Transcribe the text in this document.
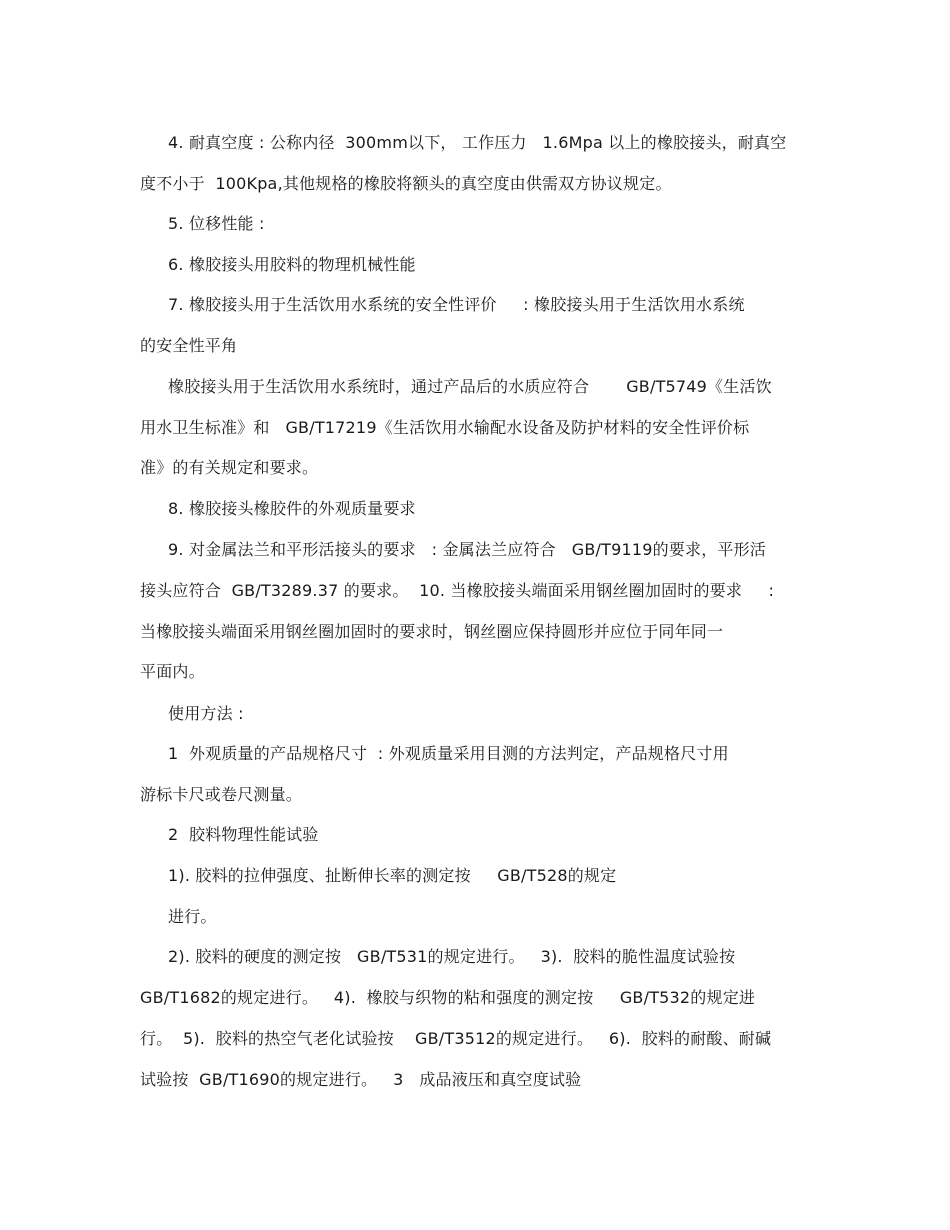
4. 耐真空度 : 公称内径  300mm以下， 工作压力   1.6Mpa 以上的橡胶接头，耐真空
度不小于  100Kpa,其他规格的橡胶将额头的真空度由供需双方协议规定。
5. 位移性能 :
6. 橡胶接头用胶料的物理机械性能
7. 橡胶接头用于生活饮用水系统的安全性评价     : 橡胶接头用于生活饮用水系统
的安全性平角
橡胶接头用于生活饮用水系统时，通过产品后的水质应符合       GB/T5749《生活饮
用水卫生标准》和   GB/T17219《生活饮用水输配水设备及防护材料的安全性评价标
准》的有关规定和要求。
8. 橡胶接头橡胶件的外观质量要求
9. 对金属法兰和平形活接头的要求   : 金属法兰应符合   GB/T9119的要求，平形活
接头应符合  GB/T3289.37 的要求。  10. 当橡胶接头端面采用钢丝圈加固时的要求     :
当橡胶接头端面采用钢丝圈加固时的要求时，钢丝圈应保持圆形并应位于同年同一
平面内。
使用方法 :
1  外观质量的产品规格尺寸  : 外观质量采用目测的方法判定，产品规格尺寸用
游标卡尺或卷尺测量。
2  胶料物理性能试验
1). 胶料的拉伸强度、扯断伸长率的测定按     GB/T528的规定
进行。
2). 胶料的硬度的测定按   GB/T531的规定进行。   3).  胶料的脆性温度试验按
GB/T1682的规定进行。   4).  橡胶与织物的粘和强度的测定按     GB/T532的规定进
行。  5).  胶料的热空气老化试验按    GB/T3512的规定进行。   6).  胶料的耐酸、耐碱
试验按  GB/T1690的规定进行。   3   成品液压和真空度试验
